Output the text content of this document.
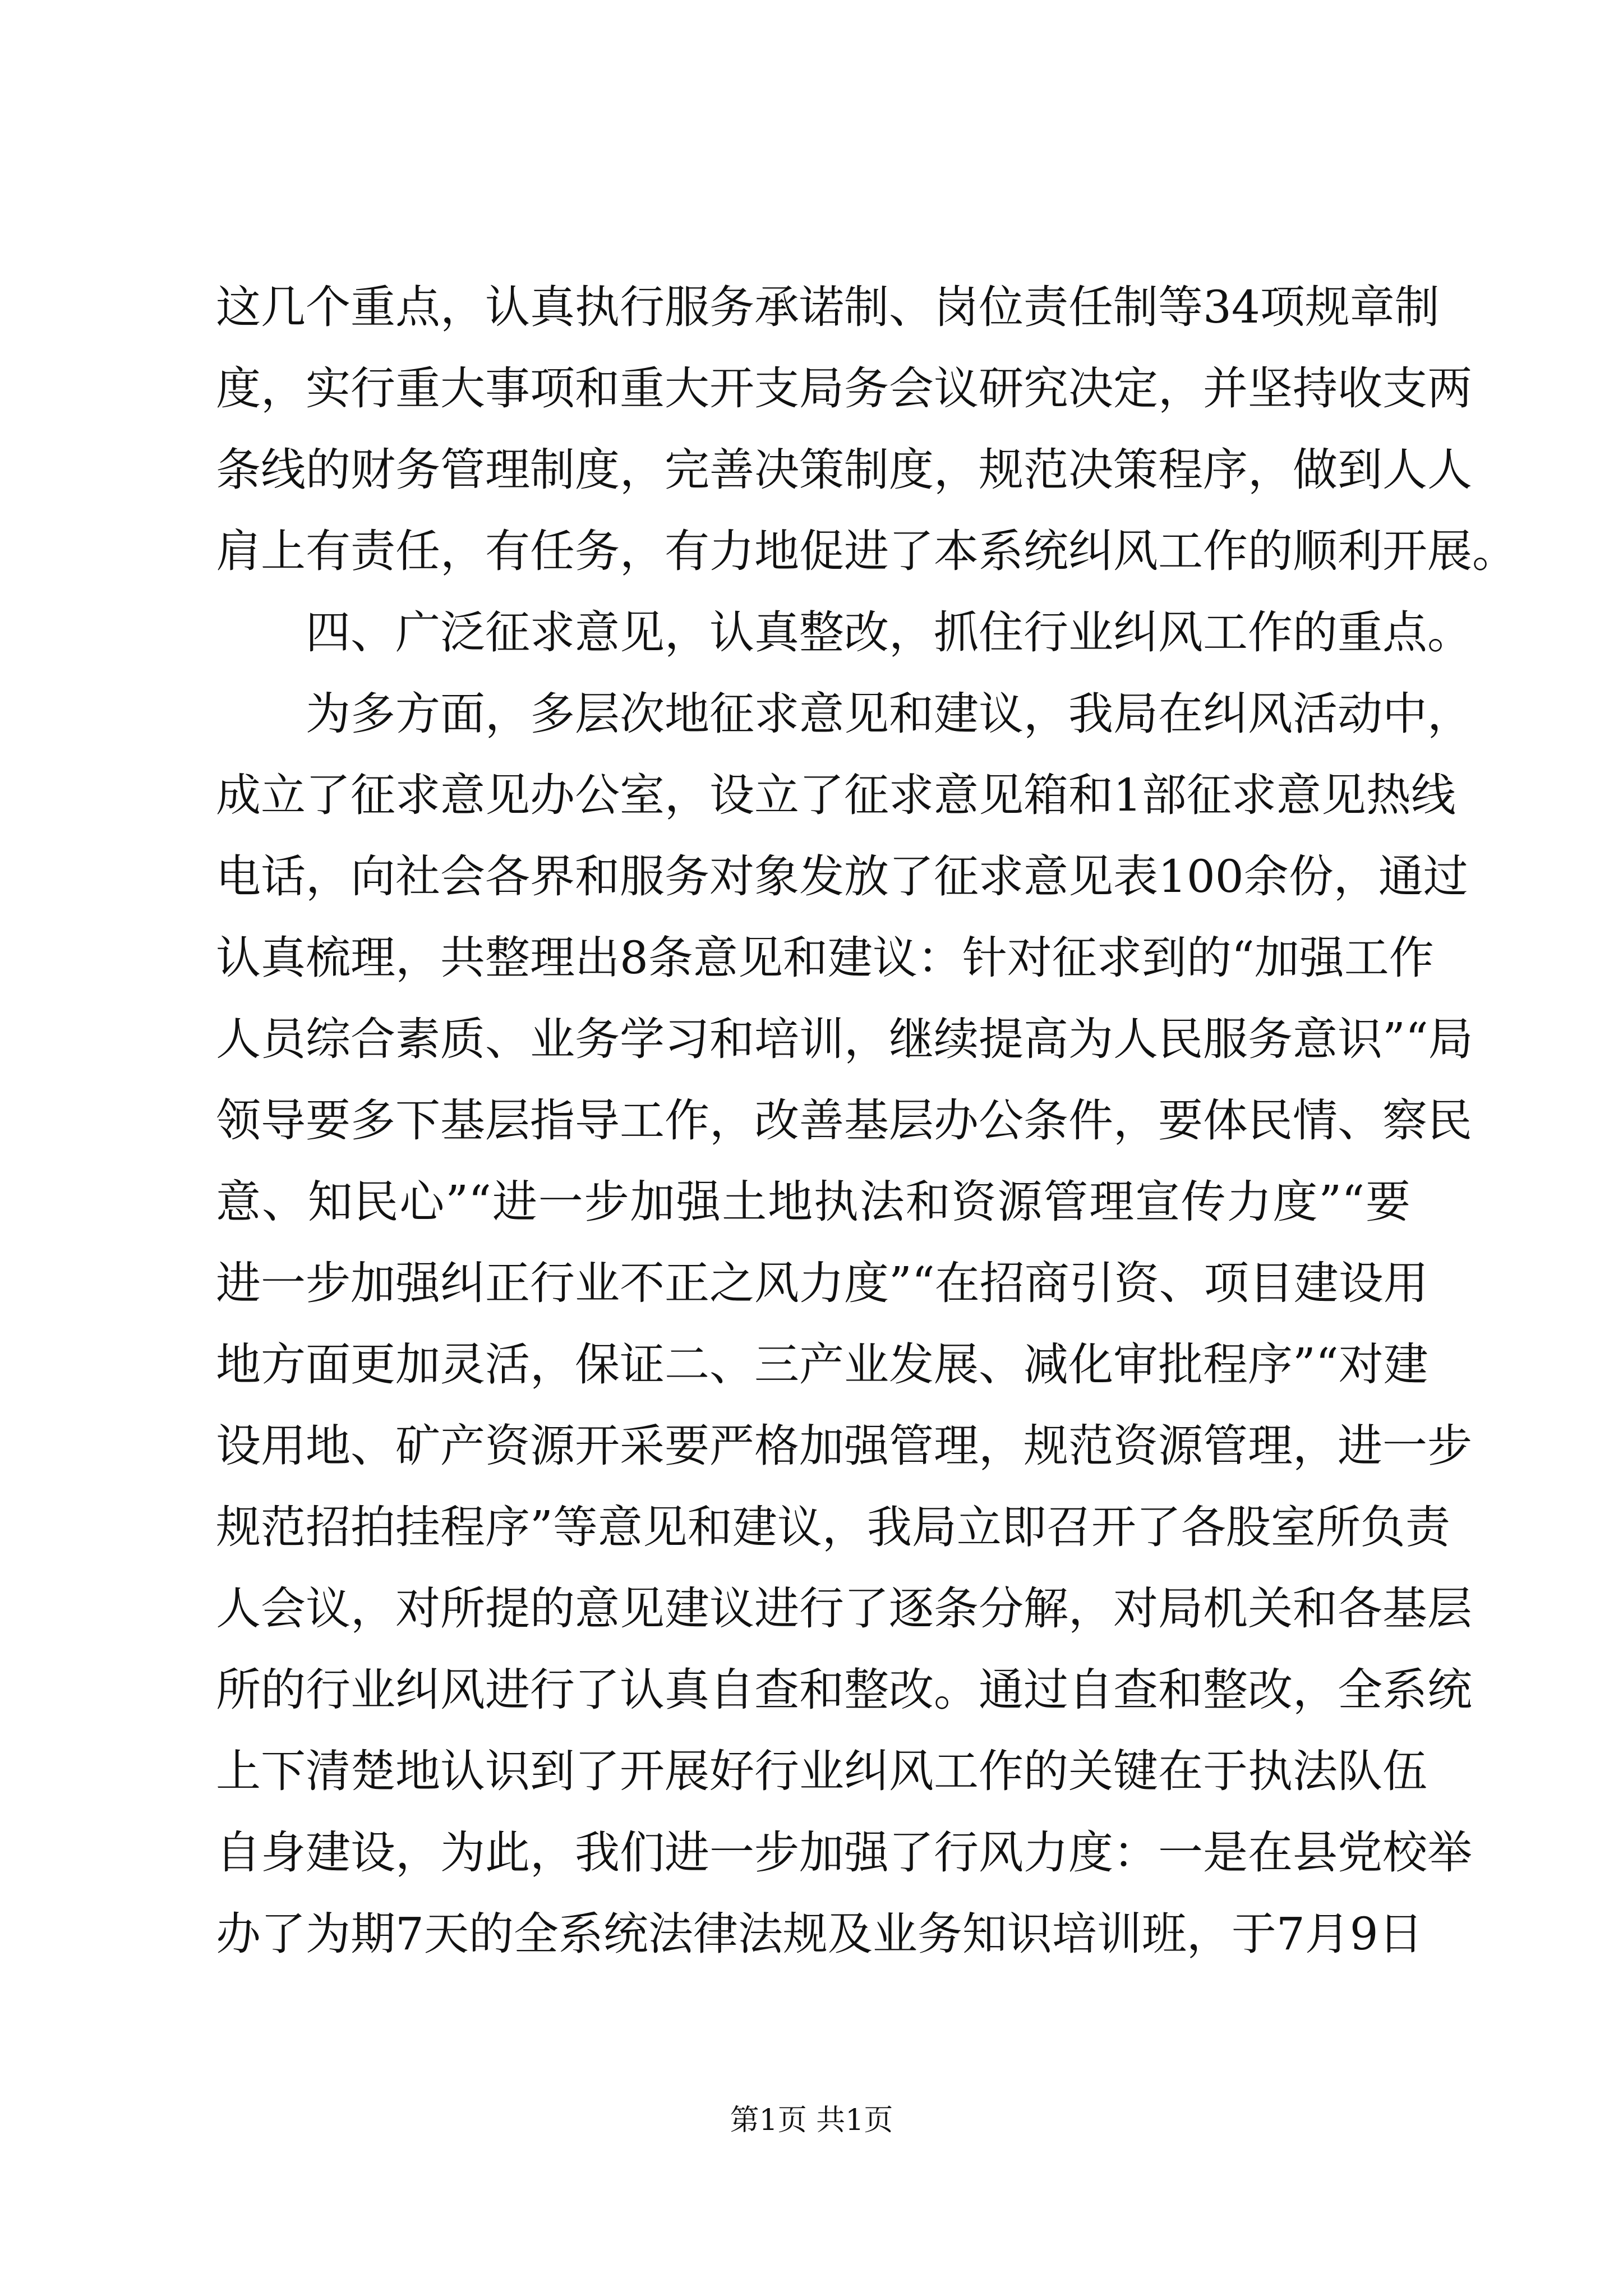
这几个重点，认真执行服务承诺制、岗位责任制等34项规章制
度，实行重大事项和重大开支局务会议研究决定，并坚持收支两
条线的财务管理制度，完善决策制度，规范决策程序，做到人人
肩上有责任，有任务，有力地促进了本系统纠风工作的顺利开展。
四、广泛征求意见，认真整改，抓住行业纠风工作的重点。
为多方面，多层次地征求意见和建议，我局在纠风活动中，
成立了征求意见办公室，设立了征求意见箱和1部征求意见热线
电话，向社会各界和服务对象发放了征求意见表100余份，通过
认真梳理，共整理出8条意见和建议：针对征求到的“加强工作
人员综合素质、业务学习和培训，继续提高为人民服务意识”“局
领导要多下基层指导工作，改善基层办公条件，要体民情、察民
意、知民心”“进一步加强土地执法和资源管理宣传力度”“要
进一步加强纠正行业不正之风力度”“在招商引资、项目建设用
地方面更加灵活，保证二、三产业发展、减化审批程序”“对建
设用地、矿产资源开采要严格加强管理，规范资源管理，进一步
规范招拍挂程序”等意见和建议，我局立即召开了各股室所负责
人会议，对所提的意见建议进行了逐条分解，对局机关和各基层
所的行业纠风进行了认真自查和整改。通过自查和整改，全系统
上下清楚地认识到了开展好行业纠风工作的关键在于执法队伍
自身建设，为此，我们进一步加强了行风力度：一是在县党校举
办了为期7天的全系统法律法规及业务知识培训班，于7月9日
第1页 共1页
